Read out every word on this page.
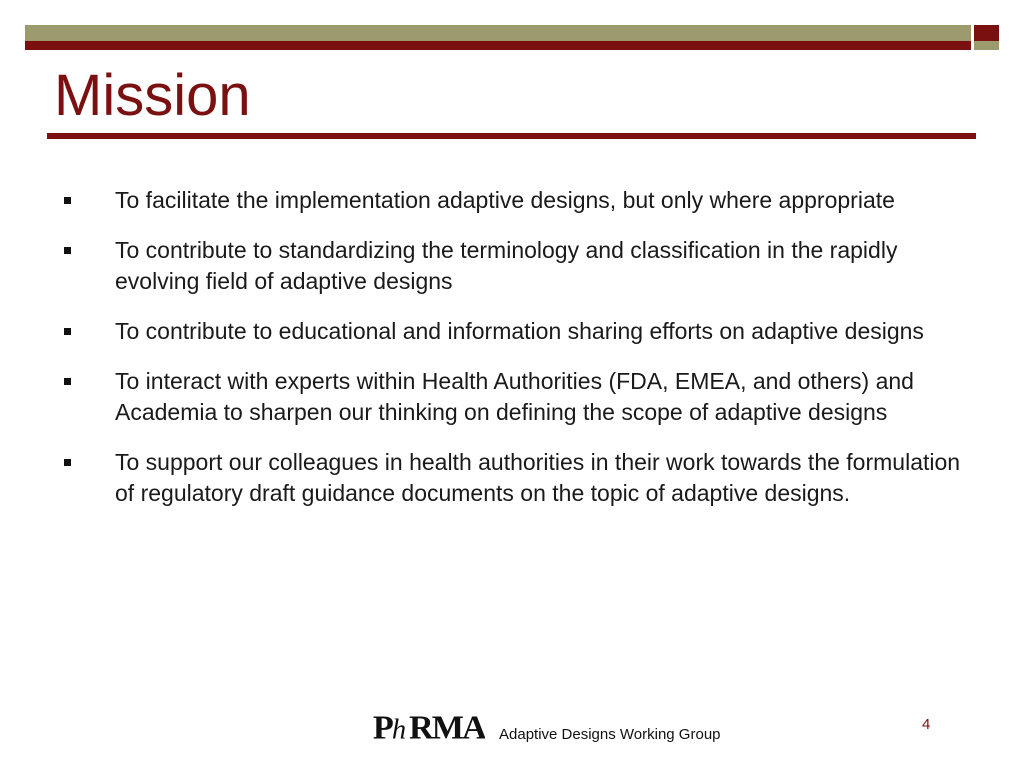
Mission
To facilitate the implementation adaptive designs, but only where appropriate
To contribute to standardizing the terminology and classification in the rapidly evolving field of adaptive designs
To contribute to educational and information sharing efforts on adaptive designs
To interact with experts within Health Authorities (FDA, EMEA, and others) and Academia to sharpen our thinking on defining the scope of adaptive designs
To support our colleagues in health authorities in their work towards the formulation of regulatory draft guidance documents on the topic of adaptive designs.
P h RMA Adaptive Designs Working Group
4
